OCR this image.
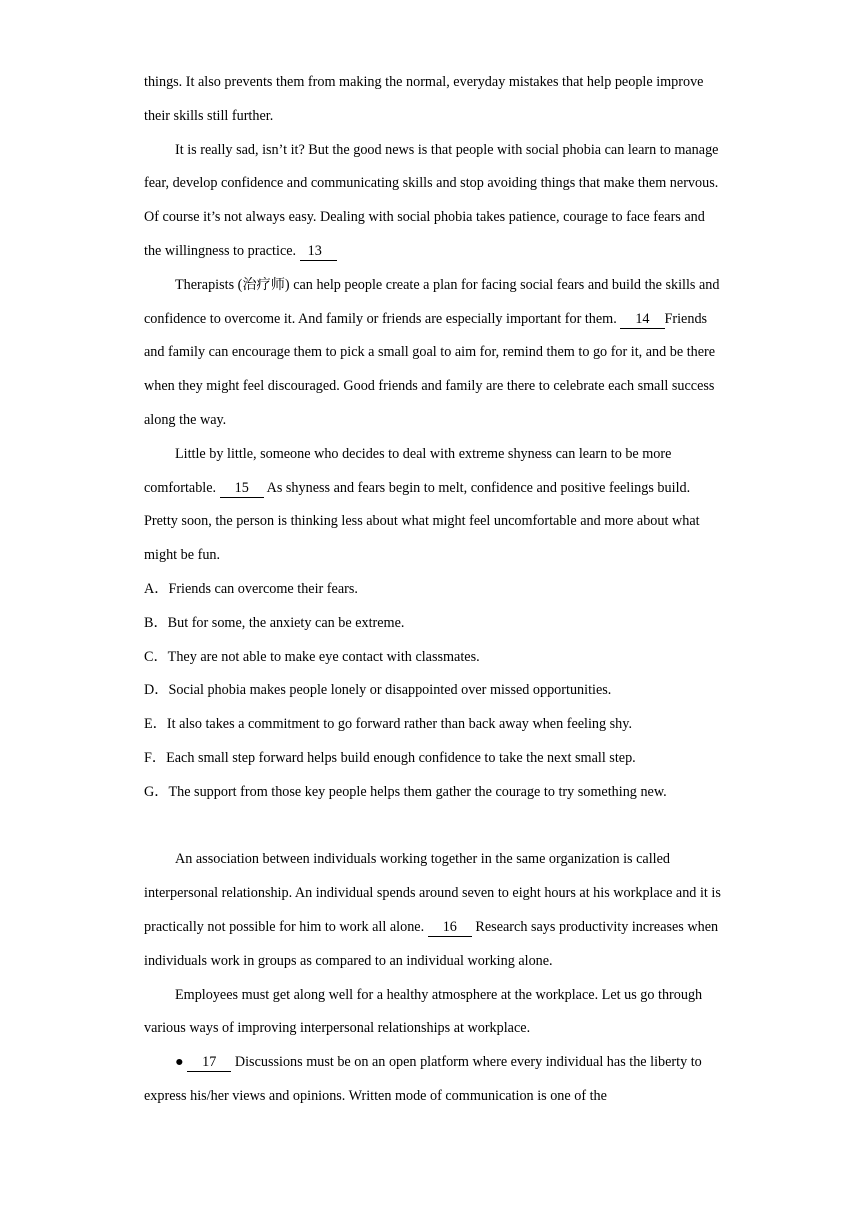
things. It also prevents them from making the normal, everyday mistakes that help people improve their skills still further.

It is really sad, isn’t it? But the good news is that people with social phobia can learn to manage fear, develop confidence and communicating skills and stop avoiding things that make them nervous. Of course it’s not always easy. Dealing with social phobia takes patience, courage to face fears and the willingness to practice. 13

Therapists (治疗师) can help people create a plan for facing social fears and build the skills and confidence to overcome it. And family or friends are especially important for them. 14 Friends and family can encourage them to pick a small goal to aim for, remind them to go for it, and be there when they might feel discouraged. Good friends and family are there to celebrate each small success along the way.

Little by little, someone who decides to deal with extreme shyness can learn to be more comfortable. 15 As shyness and fears begin to melt, confidence and positive feelings build. Pretty soon, the person is thinking less about what might feel uncomfortable and more about what might be fun.

A．Friends can overcome their fears.

B．But for some, the anxiety can be extreme.

C．They are not able to make eye contact with classmates.

D．Social phobia makes people lonely or disappointed over missed opportunities.

E．It also takes a commitment to go forward rather than back away when feeling shy.

F．Each small step forward helps build enough confidence to take the next small step.

G．The support from those key people helps them gather the courage to try something new.

An association between individuals working together in the same organization is called interpersonal relationship. An individual spends around seven to eight hours at his workplace and it is practically not possible for him to work all alone. 16 Research says productivity increases when individuals work in groups as compared to an individual working alone.

Employees must get along well for a healthy atmosphere at the workplace. Let us go through various ways of improving interpersonal relationships at workplace.

● 17 Discussions must be on an open platform where every individual has the liberty to express his/her views and opinions. Written mode of communication is one of the
